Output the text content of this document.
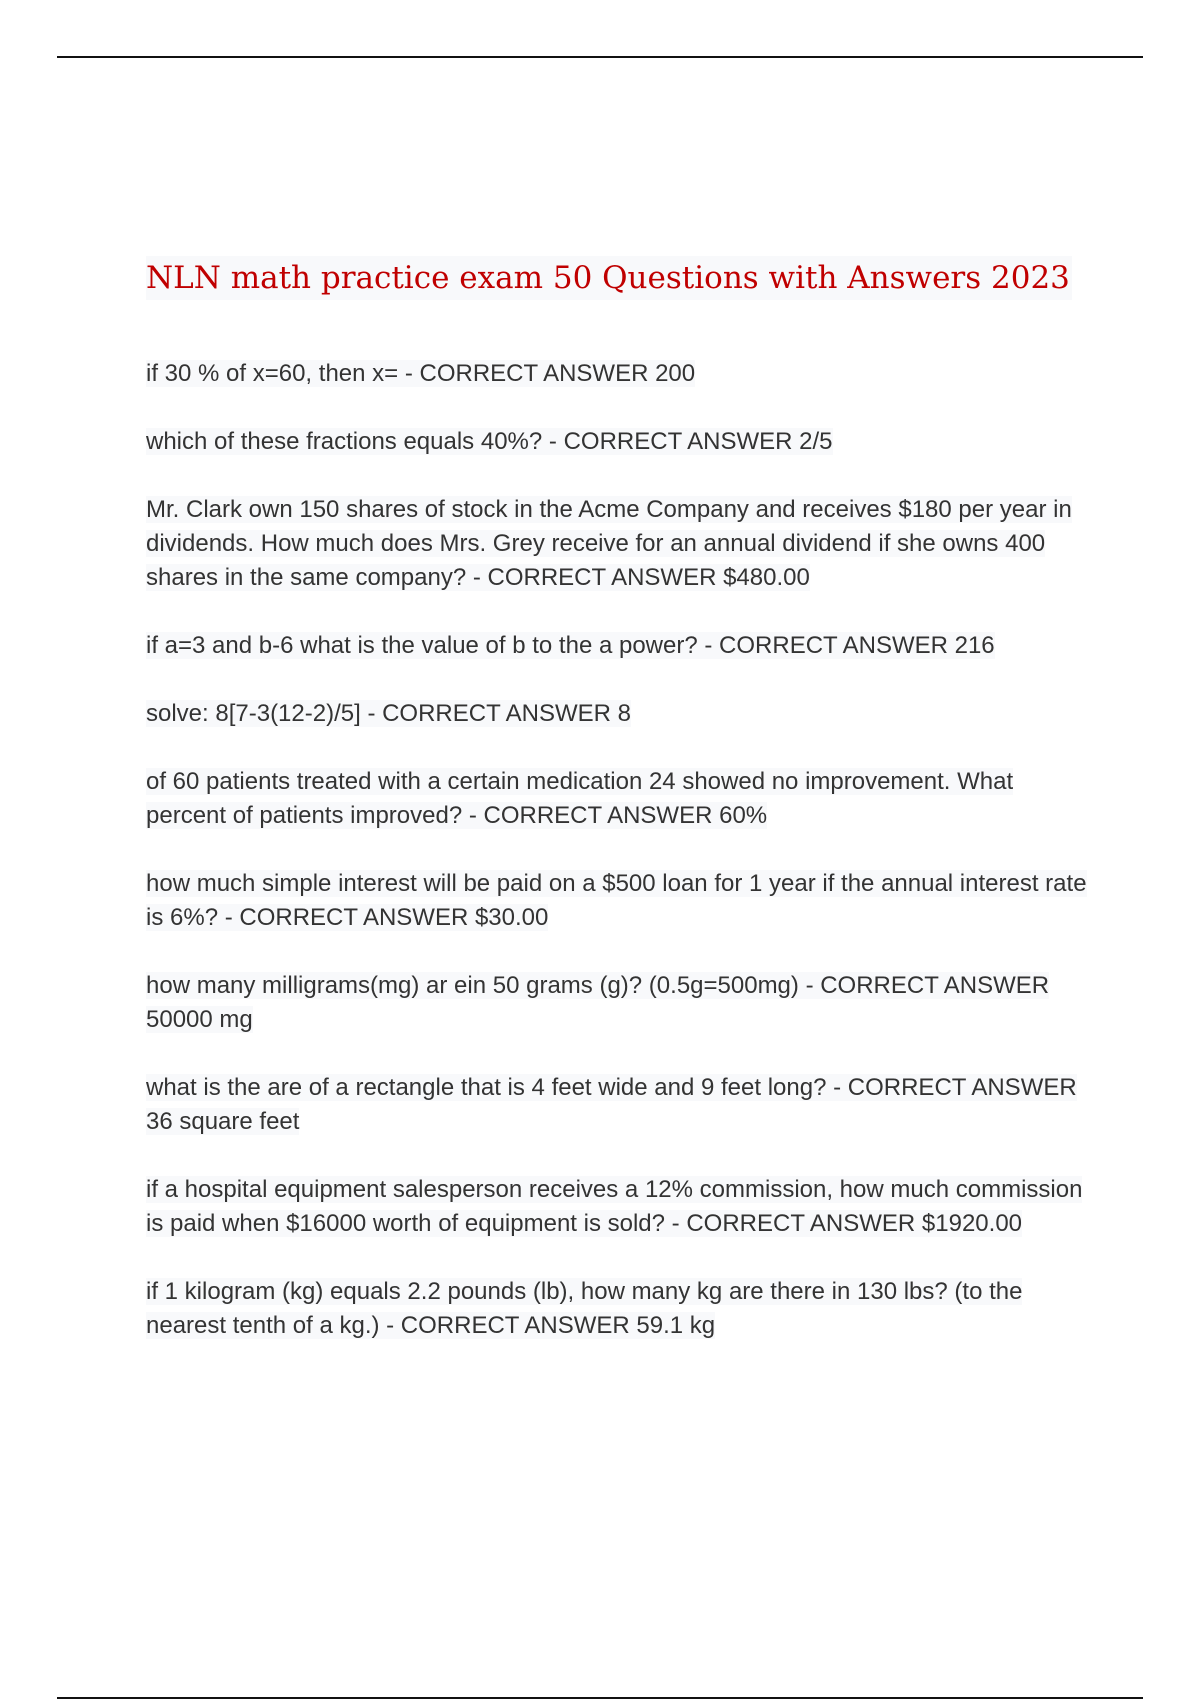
NLN math practice exam 50 Questions with Answers 2023
if 30 % of x=60, then x= - CORRECT ANSWER 200
which of these fractions equals 40%? - CORRECT ANSWER 2/5
Mr. Clark own 150 shares of stock in the Acme Company and receives $180 per year in dividends. How much does Mrs. Grey receive for an annual dividend if she owns 400 shares in the same company? - CORRECT ANSWER $480.00
if a=3 and b-6 what is the value of b to the a power? - CORRECT ANSWER 216
solve: 8[7-3(12-2)/5] - CORRECT ANSWER 8
of 60 patients treated with a certain medication 24 showed no improvement. What percent of patients improved? - CORRECT ANSWER 60%
how much simple interest will be paid on a $500 loan for 1 year if the annual interest rate is 6%? - CORRECT ANSWER $30.00
how many milligrams(mg) ar ein 50 grams (g)? (0.5g=500mg) - CORRECT ANSWER 50000 mg
what is the are of a rectangle that is 4 feet wide and 9 feet long? - CORRECT ANSWER 36 square feet
if a hospital equipment salesperson receives a 12% commission, how much commission is paid when $16000 worth of equipment is sold? - CORRECT ANSWER $1920.00
if 1 kilogram (kg) equals 2.2 pounds (lb), how many kg are there in 130 lbs? (to the nearest tenth of a kg.) - CORRECT ANSWER 59.1 kg
